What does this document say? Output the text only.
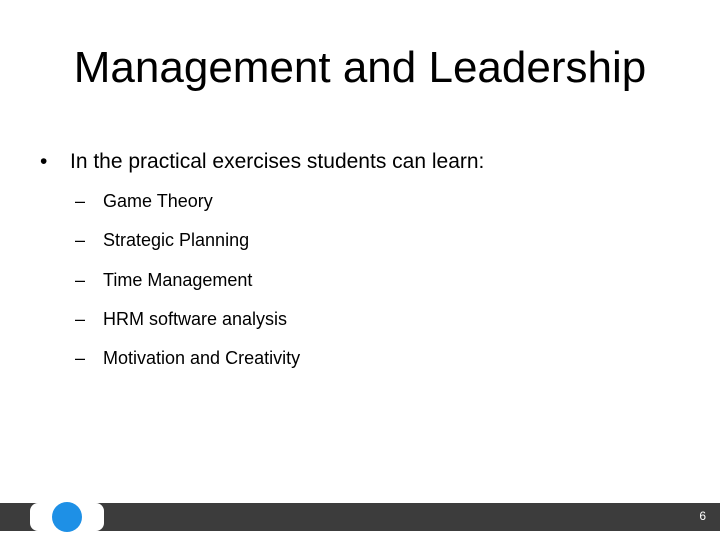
Management and Leadership
• In the practical exercises students can learn:
– Game Theory
– Strategic Planning
– Time Management
– HRM software analysis
– Motivation and Creativity
6
